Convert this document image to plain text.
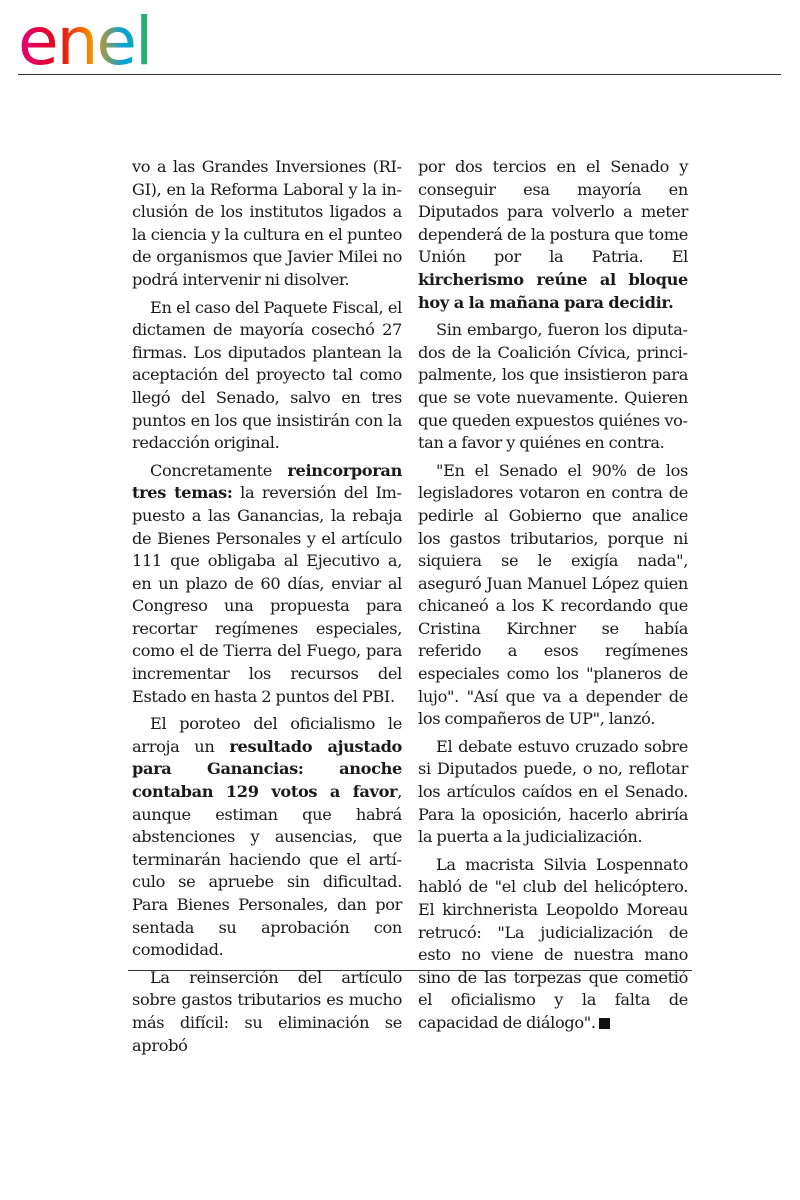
enel

vo a las Grandes Inversiones (RIGI), en la Reforma Laboral y la inclusión de los institutos ligados a la ciencia y la cultura en el punteo de organismos que Javier Milei no podrá intervenir ni disolver.

En el caso del Paquete Fiscal, el dictamen de mayoría cosechó 27 firmas. Los diputados plantean la aceptación del proyecto tal como llegó del Senado, salvo en tres puntos en los que insistirán con la redacción original.

Concretamente reincorporan tres temas: la reversión del Impuesto a las Ganancias, la rebaja de Bienes Personales y el artículo 111 que obligaba al Ejecutivo a, en un plazo de 60 días, enviar al Congreso una propuesta para recortar regímenes especiales, como el de Tierra del Fuego, para incrementar los recursos del Estado en hasta 2 puntos del PBI.

El poroteo del oficialismo le arroja un resultado ajustado para Ganancias: anoche contaban 129 votos a favor, aunque estiman que habrá abstenciones y ausencias, que terminarán haciendo que el artículo se apruebe sin dificultad. Para Bienes Personales, dan por sentada su aprobación con comodidad.

La reinserción del artículo sobre gastos tributarios es mucho más difícil: su eliminación se aprobó

por dos tercios en el Senado y conseguir esa mayoría en Diputados para volverlo a meter dependerá de la postura que tome Unión por la Patria. El kircherismo reúne al bloque hoy a la mañana para decidir.

Sin embargo, fueron los diputados de la Coalición Cívica, principalmente, los que insistieron para que se vote nuevamente. Quieren que queden expuestos quiénes votan a favor y quiénes en contra.

"En el Senado el 90% de los legisladores votaron en contra de pedirle al Gobierno que analice los gastos tributarios, porque ni siquiera se le exigía nada", aseguró Juan Manuel López quien chicaneó a los K recordando que Cristina Kirchner se había referido a esos regímenes especiales como los "planeros de lujo". "Así que va a depender de los compañeros de UP", lanzó.

El debate estuvo cruzado sobre si Diputados puede, o no, reflotar los artículos caídos en el Senado. Para la oposición, hacerlo abriría la puerta a la judicialización.

La macrista Silvia Lospennato habló de "el club del helicóptero. El kirchnerista Leopoldo Moreau retrucó: "La judicialización de esto no viene de nuestra mano sino de las torpezas que cometió el oficialismo y la falta de capacidad de diálogo".
